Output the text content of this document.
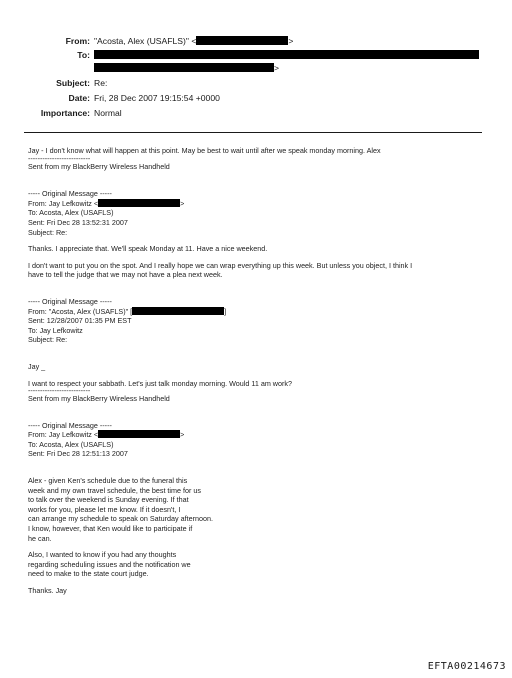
From: "Acosta, Alex (USAFLS)" <	>
To:
>
Subject: Re:
Date: Fri, 28 Dec 2007 19:15:54 +0000
Importance: Normal
Jay - I don't know what will happen at this point. May be best to wait until after we speak monday morning. Alex
--------------------------
Sent from my BlackBerry Wireless Handheld
----- Original Message -----
From: Jay Lefkowitz <	>
To: Acosta, Alex (USAFLS)
Sent: Fri Dec 28 13:52:31 2007
Subject: Re:
Thanks. I appreciate that. We'll speak Monday at 11. Have a nice weekend.
I don't want to put you on the spot. And I really hope we can wrap everything up this week. But unless you object, I think I
have to tell the judge that we may not have a plea next week.
----- Original Message -----
From: "Acosta, Alex (USAFLS)" [	]
Sent: 12/28/2007 01:35 PM EST
To: Jay Lefkowitz
Subject: Re:
Jay _
I want to respect your sabbath. Let's just talk monday morning. Would 11 am work?
--------------------------
Sent from my BlackBerry Wireless Handheld
----- Original Message -----
From: Jay Lefkowitz <	>
To: Acosta, Alex (USAFLS)
Sent: Fri Dec 28 12:51:13 2007
Alex - given Ken's schedule due to the funeral this
week and my own travel schedule, the best time for us
to talk over the weekend is Sunday evening. If that
works for you, please let me know. If it doesn't, I
can arrange my schedule to speak on Saturday afternoon.
I know, however, that Ken would like to participate if
he can.
Also, I wanted to know if you had any thoughts
regarding scheduling issues and the notification we
need to make to the state court judge.
Thanks. Jay
EFTA00214673
